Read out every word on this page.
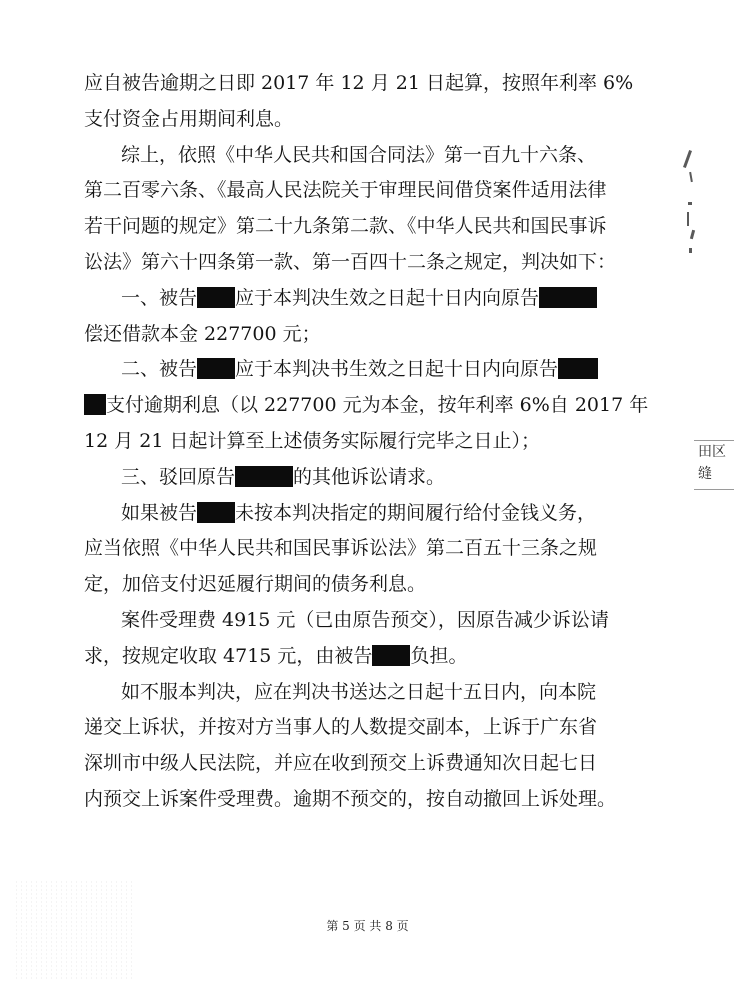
应自被告逾期之日即 2017 年 12 月 21 日起算，按照年利率 6%
支付资金占用期间利息。
综上，依照《中华人民共和国合同法》第一百九十六条、
第二百零六条、《最高人民法院关于审理民间借贷案件适用法律
若干问题的规定》第二十九条第二款、《中华人民共和国民事诉
讼法》第六十四条第一款、第一百四十二条之规定，判决如下：
一、被告 应于本判决生效之日起十日内向原告
偿还借款本金 227700 元；
二、被告 应于本判决书生效之日起十日内向原告
支付逾期利息（以 227700 元为本金，按年利率 6%自 2017 年
12 月 21 日起计算至上述债务实际履行完毕之日止）；
三、驳回原告	的其他诉讼请求。
如果被告 未按本判决指定的期间履行给付金钱义务，
应当依照《中华人民共和国民事诉讼法》第二百五十三条之规
定，加倍支付迟延履行期间的债务利息。
案件受理费 4915 元（已由原告预交），因原告减少诉讼请
求，按规定收取 4715 元，由被告 负担。
如不服本判决，应在判决书送达之日起十五日内，向本院
递交上诉状，并按对方当事人的人数提交副本，上诉于广东省
深圳市中级人民法院，并应在收到预交上诉费通知次日起七日
内预交上诉案件受理费。逾期不预交的，按自动撤回上诉处理。
田区
缝
第 5 页 共 8 页
